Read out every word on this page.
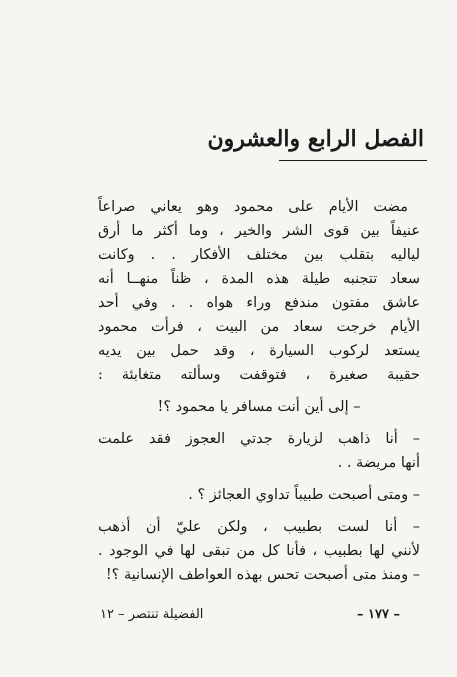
الفصل الرابع والعشرون
مضت الأيام على محمود وهو يعاني صراعاً
عنيفاً بين قوى الشر والخير ، وما أكثر ما أرق
لياليه بتقلب بين مختلف الأفكار . . وكانت
سعاد تتجنبه طيلة هذه المدة ، ظناً منهــا أنه
عاشق مفتون مندفع وراء هواه . . وفي أحد
الأيام خرجت سعاد من البيت ، فرأت محمود
يستعد لركوب السيارة ، وقد حمل بين يديه
حقيبة صغيرة ، فتوقفت وسألته متغابئة :
– إلى أين أنت مسافر يا محمود ؟!
– أنا ذاهب لزيارة جدتي العجوز فقد علمت
أنها مريضة . .
– ومتى أصبحت طبيباً تداوي العجائز ؟ .
– أنا لست بطبيب ، ولكن عليّ أن أذهب
لأنني لها بطبيب ، فأنا كل من تبقى لها في الوجود .
– ومنذ متى أصبحت تحس بهذه العواطف الإنسانية ؟!
– ١٧٧ –
الفضيلة تنتصر – ١٢
